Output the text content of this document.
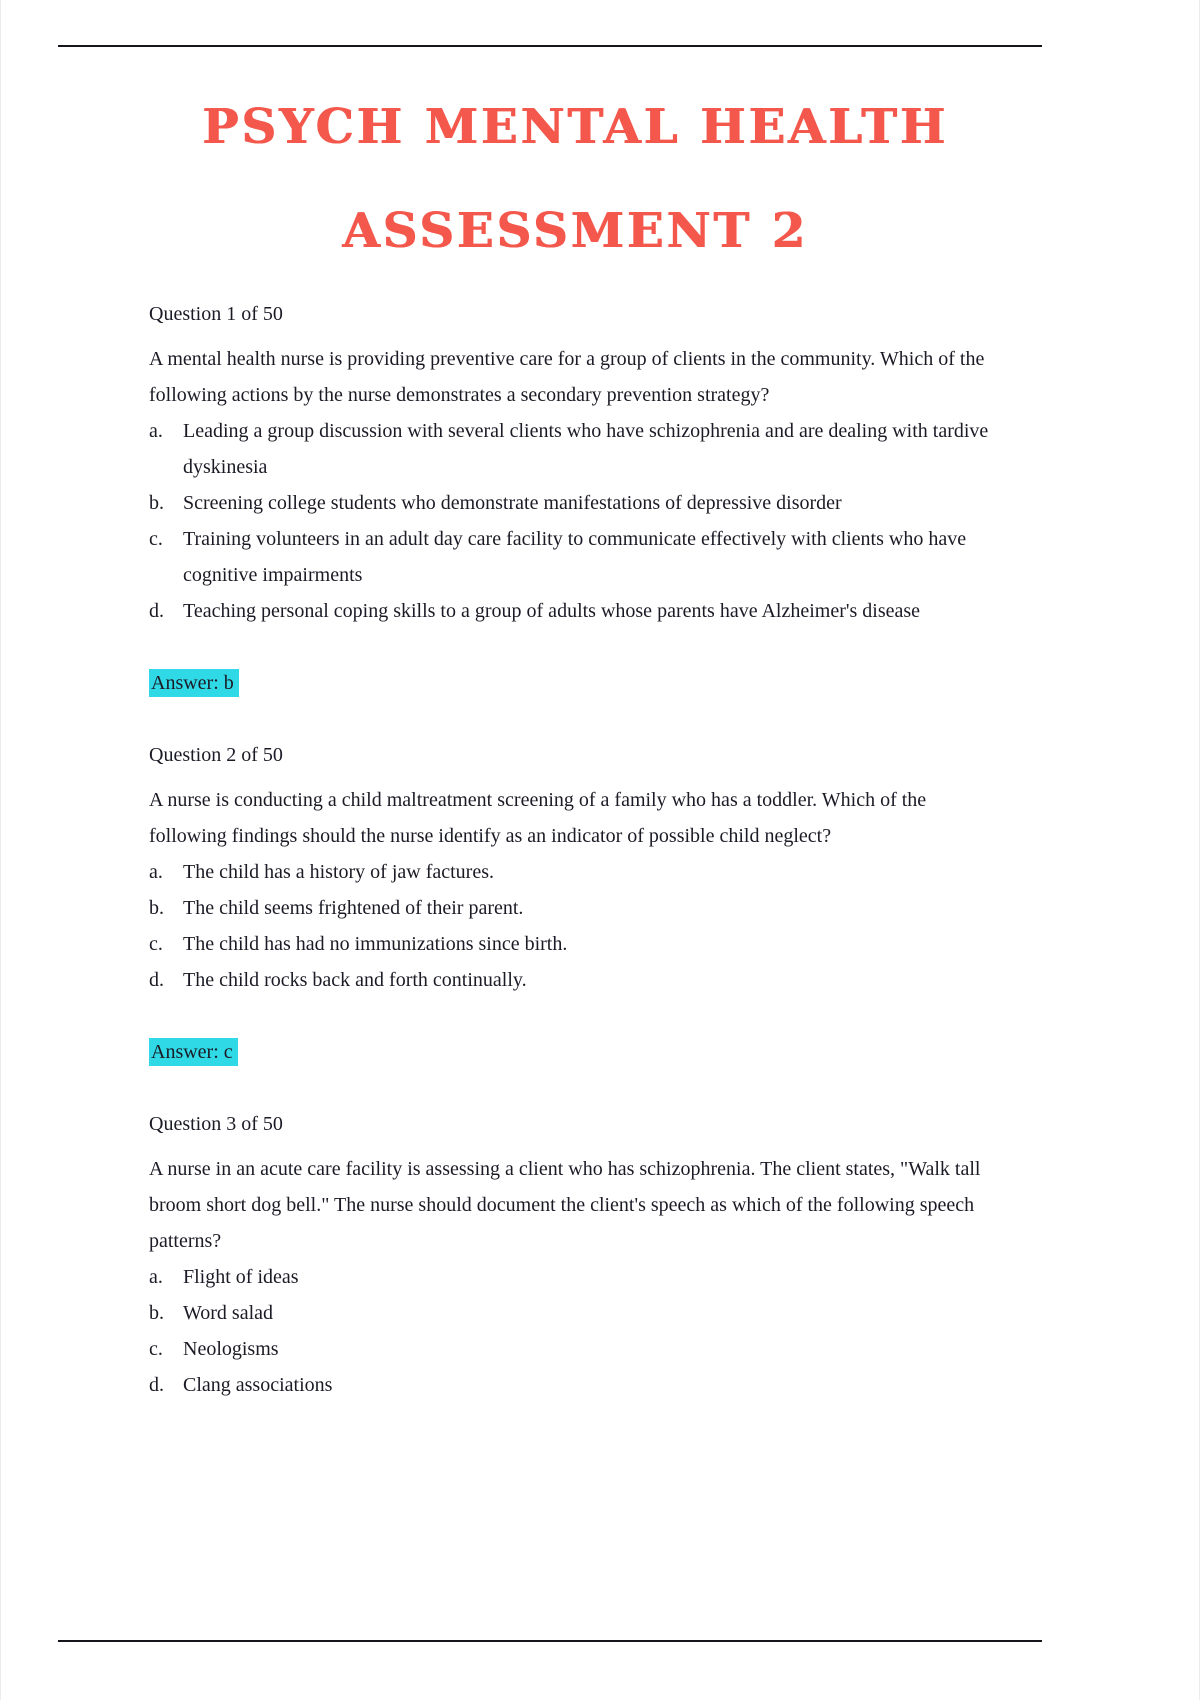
PSYCH MENTAL HEALTH
ASSESSMENT 2

Question 1 of 50

A mental health nurse is providing preventive care for a group of clients in the community. Which of the following actions by the nurse demonstrates a secondary prevention strategy?

a.	Leading a group discussion with several clients who have schizophrenia and are dealing with tardive dyskinesia
b. Screening college students who demonstrate manifestations of depressive disorder
c.	Training volunteers in an adult day care facility to communicate effectively with clients who have cognitive impairments
d. Teaching personal coping skills to a group of adults whose parents have Alzheimer's disease

Answer: b

Question 2 of 50

A nurse is conducting a child maltreatment screening of a family who has a toddler. Which of the following findings should the nurse identify as an indicator of possible child neglect?

a.	The child has a history of jaw factures.
b. The child seems frightened of their parent.
c.	The child has had no immunizations since birth.
d. The child rocks back and forth continually.

Answer: c

Question 3 of 50

A nurse in an acute care facility is assessing a client who has schizophrenia. The client states, "Walk tall broom short dog bell." The nurse should document the client's speech as which of the following speech patterns?

a.	Flight of ideas
b. Word salad
c.	Neologisms
d. Clang associations
